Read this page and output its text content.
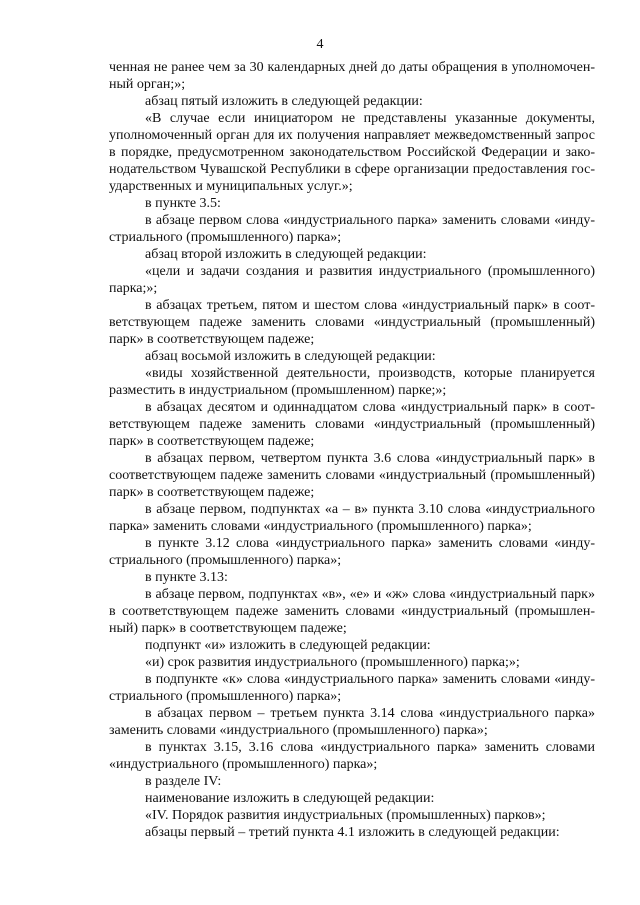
4
ченная не ранее чем за 30 календарных дней до даты обращения в уполномочен-
ный орган;»;
абзац пятый изложить в следующей редакции:
«В случае если инициатором не представлены указанные документы,
уполномоченный орган для их получения направляет межведомственный запрос
в порядке, предусмотренном законодательством Российской Федерации и зако-
нодательством Чувашской Республики в сфере организации предоставления гос-
ударственных и муниципальных услуг.»;
в пункте 3.5:
в абзаце первом слова «индустриального парка» заменить словами «инду-
стриального (промышленного) парка»;
абзац второй изложить в следующей редакции:
«цели и задачи создания и развития индустриального (промышленного)
парка;»;
в абзацах третьем, пятом и шестом слова «индустриальный парк» в соот-
ветствующем падеже заменить словами «индустриальный (промышленный)
парк» в соответствующем падеже;
абзац восьмой изложить в следующей редакции:
«виды хозяйственной деятельности, производств, которые планируется
разместить в индустриальном (промышленном) парке;»;
в абзацах десятом и одиннадцатом слова «индустриальный парк» в соот-
ветствующем падеже заменить словами «индустриальный (промышленный)
парк» в соответствующем падеже;
в абзацах первом, четвертом пункта 3.6 слова «индустриальный парк» в
соответствующем падеже заменить словами «индустриальный (промышленный)
парк» в соответствующем падеже;
в абзаце первом, подпунктах «а – в» пункта 3.10 слова «индустриального
парка» заменить словами «индустриального (промышленного) парка»;
в пункте 3.12 слова «индустриального парка» заменить словами «инду-
стриального (промышленного) парка»;
в пункте 3.13:
в абзаце первом, подпунктах «в», «е» и «ж» слова «индустриальный парк»
в соответствующем падеже заменить словами «индустриальный (промышлен-
ный) парк» в соответствующем падеже;
подпункт «и» изложить в следующей редакции:
«и) срок развития индустриального (промышленного) парка;»;
в подпункте «к» слова «индустриального парка» заменить словами «инду-
стриального (промышленного) парка»;
в абзацах первом – третьем пункта 3.14 слова «индустриального парка»
заменить словами «индустриального (промышленного) парка»;
в пунктах 3.15, 3.16 слова «индустриального парка» заменить словами
«индустриального (промышленного) парка»;
в разделе IV:
наименование изложить в следующей редакции:
«IV. Порядок развития индустриальных (промышленных) парков»;
абзацы первый – третий пункта 4.1 изложить в следующей редакции:
